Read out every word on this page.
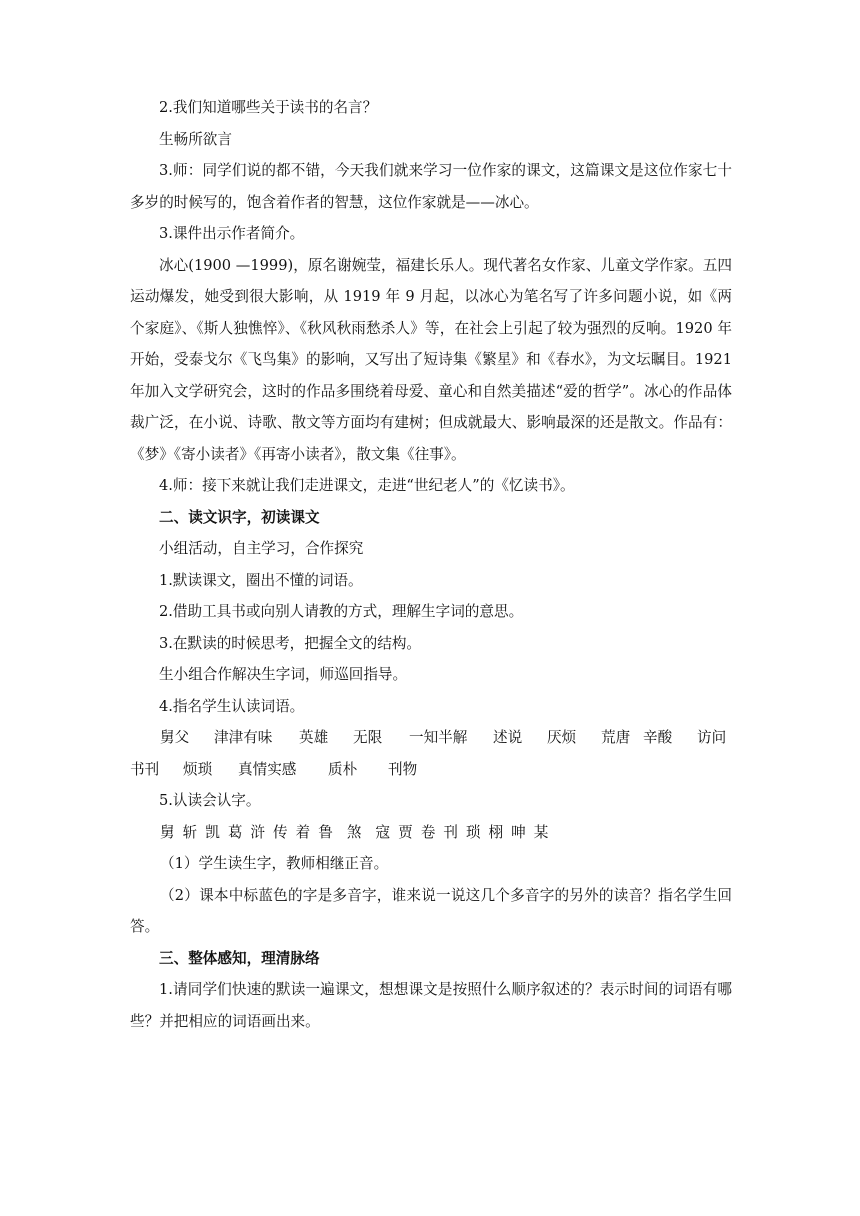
2.我们知道哪些关于读书的名言？

生畅所欲言

3.师：同学们说的都不错，今天我们就来学习一位作家的课文，这篇课文是这位作家七十多岁的时候写的，饱含着作者的智慧，这位作家就是——冰心。

3.课件出示作者简介。

冰心(1900 —1999)，原名谢婉莹，福建长乐人。现代著名女作家、儿童文学作家。五四运动爆发，她受到很大影响，从 1919 年 9 月起，以冰心为笔名写了许多问题小说，如《两个家庭》、《斯人独憔悴》、《秋风秋雨愁杀人》等，在社会上引起了较为强烈的反响。1920 年开始，受泰戈尔《飞鸟集》的影响，又写出了短诗集《繁星》和《春水》，为文坛瞩目。1921 年加入文学研究会，这时的作品多围绕着母爱、童心和自然美描述“爱的哲学”。冰心的作品体裁广泛，在小说、诗歌、散文等方面均有建树；但成就最大、影响最深的还是散文。作品有：《梦》《寄小读者》《再寄小读者》，散文集《往事》。

4.师：接下来就让我们走进课文，走进“世纪老人”的《忆读书》。

二、读文识字，初读课文

小组活动，自主学习，合作探究

1.默读课文，圈出不懂的词语。

2.借助工具书或向别人请教的方式，理解生字词的意思。

3.在默读的时候思考，把握全文的结构。

生小组合作解决生字词，师巡回指导。

4.指名学生认读词语。

舅父 津津有味 英雄 无限 一知半解 述说 厌烦 荒唐 辛酸 访问
书刊 烦琐 真情实感 质朴 刊物

5.认读会认字。

舅 斩 凯 葛 浒 传 着 鲁 煞 寇 贾 卷 刊 琐 栩 呻 某

（1）学生读生字，教师相继正音。

（2）课本中标蓝色的字是多音字，谁来说一说这几个多音字的另外的读音？指名学生回答。

三、整体感知，理清脉络

1.请同学们快速的默读一遍课文，想想课文是按照什么顺序叙述的？表示时间的词语有哪些？并把相应的词语画出来。
